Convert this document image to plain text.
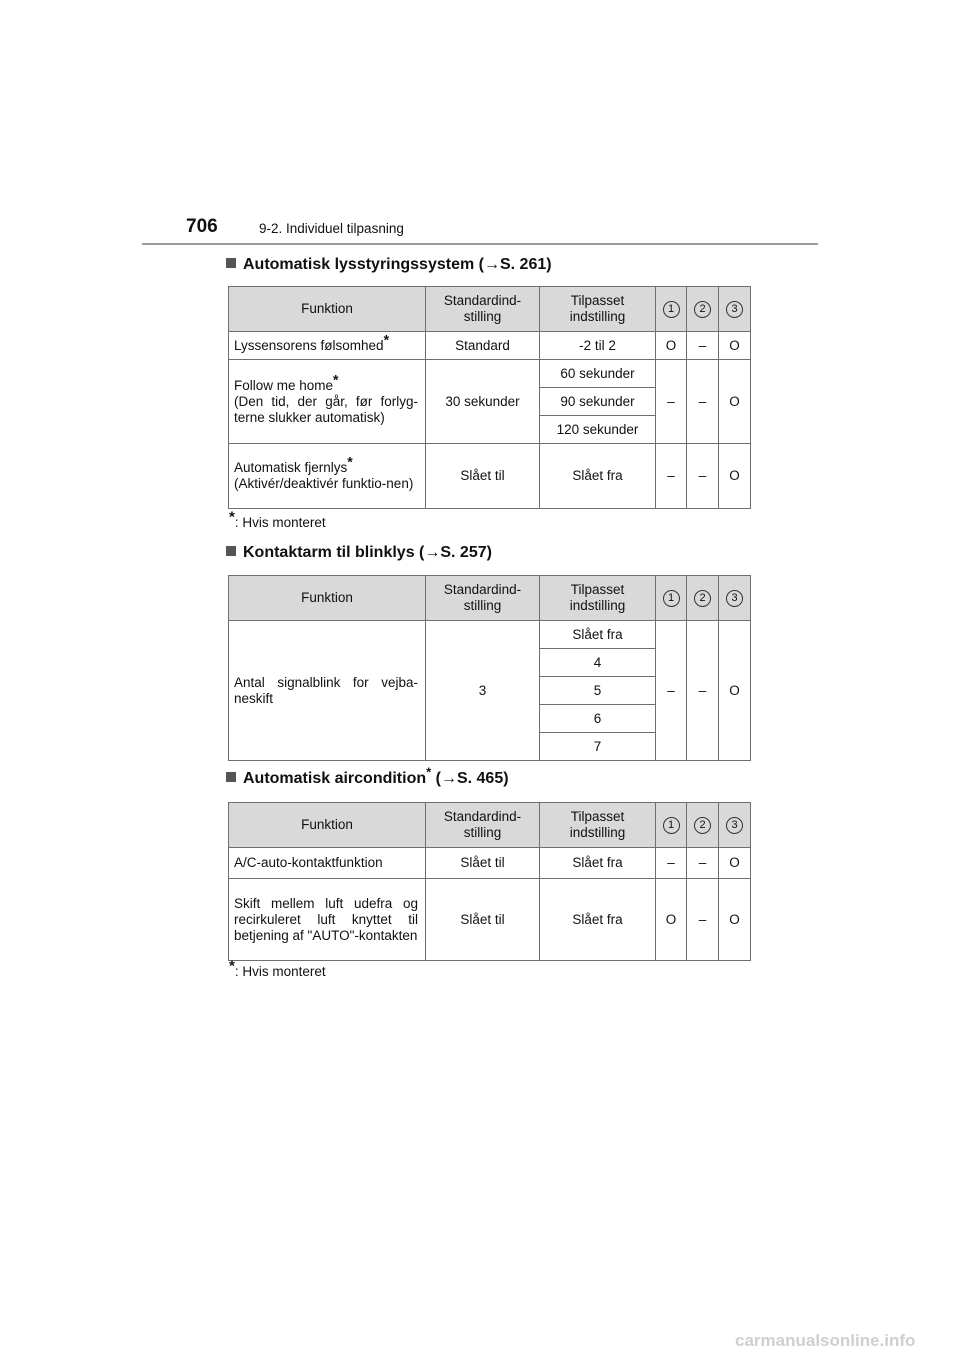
706	9-2. Individuel tilpasning
Automatisk lysstyringssystem (→S. 261)
Funktion	Standardind-stilling	Tilpasset indstilling	1	2	3
Lyssensorens følsomhed*	Standard	-2 til 2	O	–	O
Follow me home*
(Den tid, der går, før forlyg-terne slukker automatisk)	30 sekunder	60 sekunder	–	–	O
		90 sekunder			
		120 sekunder			
Automatisk fjernlys*
(Aktivér/deaktivér funktio-nen)	Slået til	Slået fra	–	–	O
*: Hvis monteret
Kontaktarm til blinklys (→S. 257)
Funktion	Standardind-stilling	Tilpasset indstilling	1	2	3
Antal signalblink for vejba-neskift	3	Slået fra	–	–	O
		4			
		5			
		6			
		7			
Automatisk aircondition* (→S. 465)
Funktion	Standardind-stilling	Tilpasset indstilling	1	2	3
A/C-auto-kontaktfunktion	Slået til	Slået fra	–	–	O
Skift mellem luft udefra og recirkuleret luft knyttet til betjening af "AUTO"-kontakten	Slået til	Slået fra	O	–	O
*: Hvis monteret
carmanualsonline.info
